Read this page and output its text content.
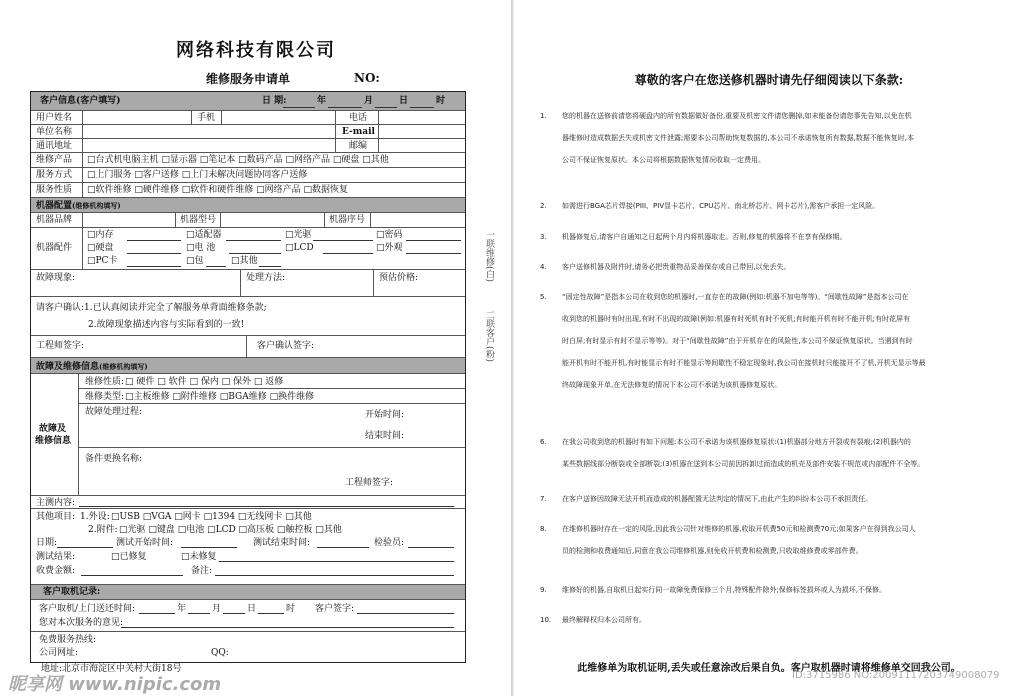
网络科技有限公司
维修服务申请单	NO:
客户信息(客户填写)	日 期:	年	月	日	时
用户姓名	手机	电话
单位名称	E-mail
通讯地址	邮编
维修产品 □台式机电脑主机 □显示器 □笔记本 □数码产品 □网络产品 □硬盘 □其他
服务方式 □上门服务 □客户送修 □上门未解决问题协同客户送修
服务性质 □软件维修 □硬件维修 □软件和硬件维修 □网络产品 □数据恢复
机器配置(维修机构填写)
机器品牌	机器型号	机器序号
机器配件
□内存	□适配器	□光驱	□密码
□硬盘	□电 池	□LCD	□外观
□PC卡	□包	□其他
故障现象:	处理方法:	预估价格:
请客户确认:1.已认真阅读并完全了解服务单背面维修条款;
2.故障现象描述内容与实际看到的一致!
工程师签字:	客户确认签字:
故障及维修信息(维修机构填写)
故障及
维修信息
维修性质: □ 硬件 □ 软件 □ 保内 □ 保外 □ 返修
维修类型: □主板维修 □附件维修 □BGA维修 □换件维修
故障处理过程:	开始时间:
结束时间:
备件更换名称:
工程师签字:
主测内容:
其他项目: 1.外设: □USB □VGA □网卡 □1394 □无线网卡 □其他
2.附件: □光驱 □键盘 □电池 □LCD □高压板 □触控板 □其他
日期:	测试开始时间:	测试结束时间:	检验员:
测试结果:	□已修复	□未修复
收费金额:	备注:
客户取机记录:
客户取机/上门送还时间:	年	月	日	时 客户签字:
您对本次服务的意见:
免费服务热线:
公司网址:	QQ:
地址:北京市海淀区中关村大街18号
一联维修(白)
二联客户(粉)
昵享网 www.nipic.com
尊敬的客户在您送修机器时请先仔细阅读以下条款:
1. 您的机器在送修前请您将硬盘内的所有数据做好备份,重要及机密文件请您删掉,如未能备份请您事先告知,以免在机
器维修时造成数据丢失或机密文件泄露;需要本公司帮助恢复数据的,本公司不承诺恢复所有数据,数据不能恢复时,本
公司不保证恢复原状。本公司将根据数据恢复情况收取一定费用。
2. 如需进行BGA芯片焊接(PIII、PIV显卡芯片、CPU芯片、南北桥芯片、网卡芯片),需客户承担一定风险。
3. 机器修复后,请客户自通知之日起两个月内将机器取走。否则,修复的机器将不在享有保修期。
4. 客户送修机器及附件时,请务必把贵重物品妥善保存或自己带回,以免丢失。
5. “固定性故障”是指本公司在收到您的机器时,一直存在的故障(例如:机器不加电等等)。“间歇性故障”是指本公司在
收到您的机器时有时出现,有时不出现的故障(例如:机器有时死机有时不死机;有时能开机有时不能开机;有时花屏有
时白屏;有时显示有时不显示等等)。对于“间歇性故障”由于开机存在的风险性,本公司不保证恢复原状。当遇到有时
能开机有时不能开机,有时能显示有时不能显示等间歇性不稳定现象时,我公司在接机时只能接开不了机,开机无显示等最
终故障现象开单,在无法修复的情况下本公司不承诺为该机器修复原状。
6. 在我公司收到您的机器时有如下问题:本公司不承诺为该机器修复原状:(1)机器部分地方开裂或有裂痕;(2)机器内的
某些数据线部分断裂或全部断裂;(3)机器在送到本公司前因拆卸过而造成的机壳及部件安装不规范或内部配件不全等。
7. 在客户送修因故障无法开机而造成的机器配置无法判定的情况下,由此产生的纠纷本公司不承担责任。
8. 在维修机器时存在一定的风险,因此我公司针对维修的机器,收取开机费50元和检测费70元;如果客户在得到我公司人
员的检测和收费通知后,同意在我公司维修机器,则免收开机费和检测费,只收取维修费或零部件费。
9. 维修好的机器,自取机日起实行同一故障免费保修三个月,特殊配件除外;保修标签损坏或人为损坏,不保修。
10. 最终解释权归本公司所有。
此维修单为取机证明,丢失或任意涂改后果自负。客户取机器时请将维修单交回我公司。
ID:3715986 NO:20091117203749008079
